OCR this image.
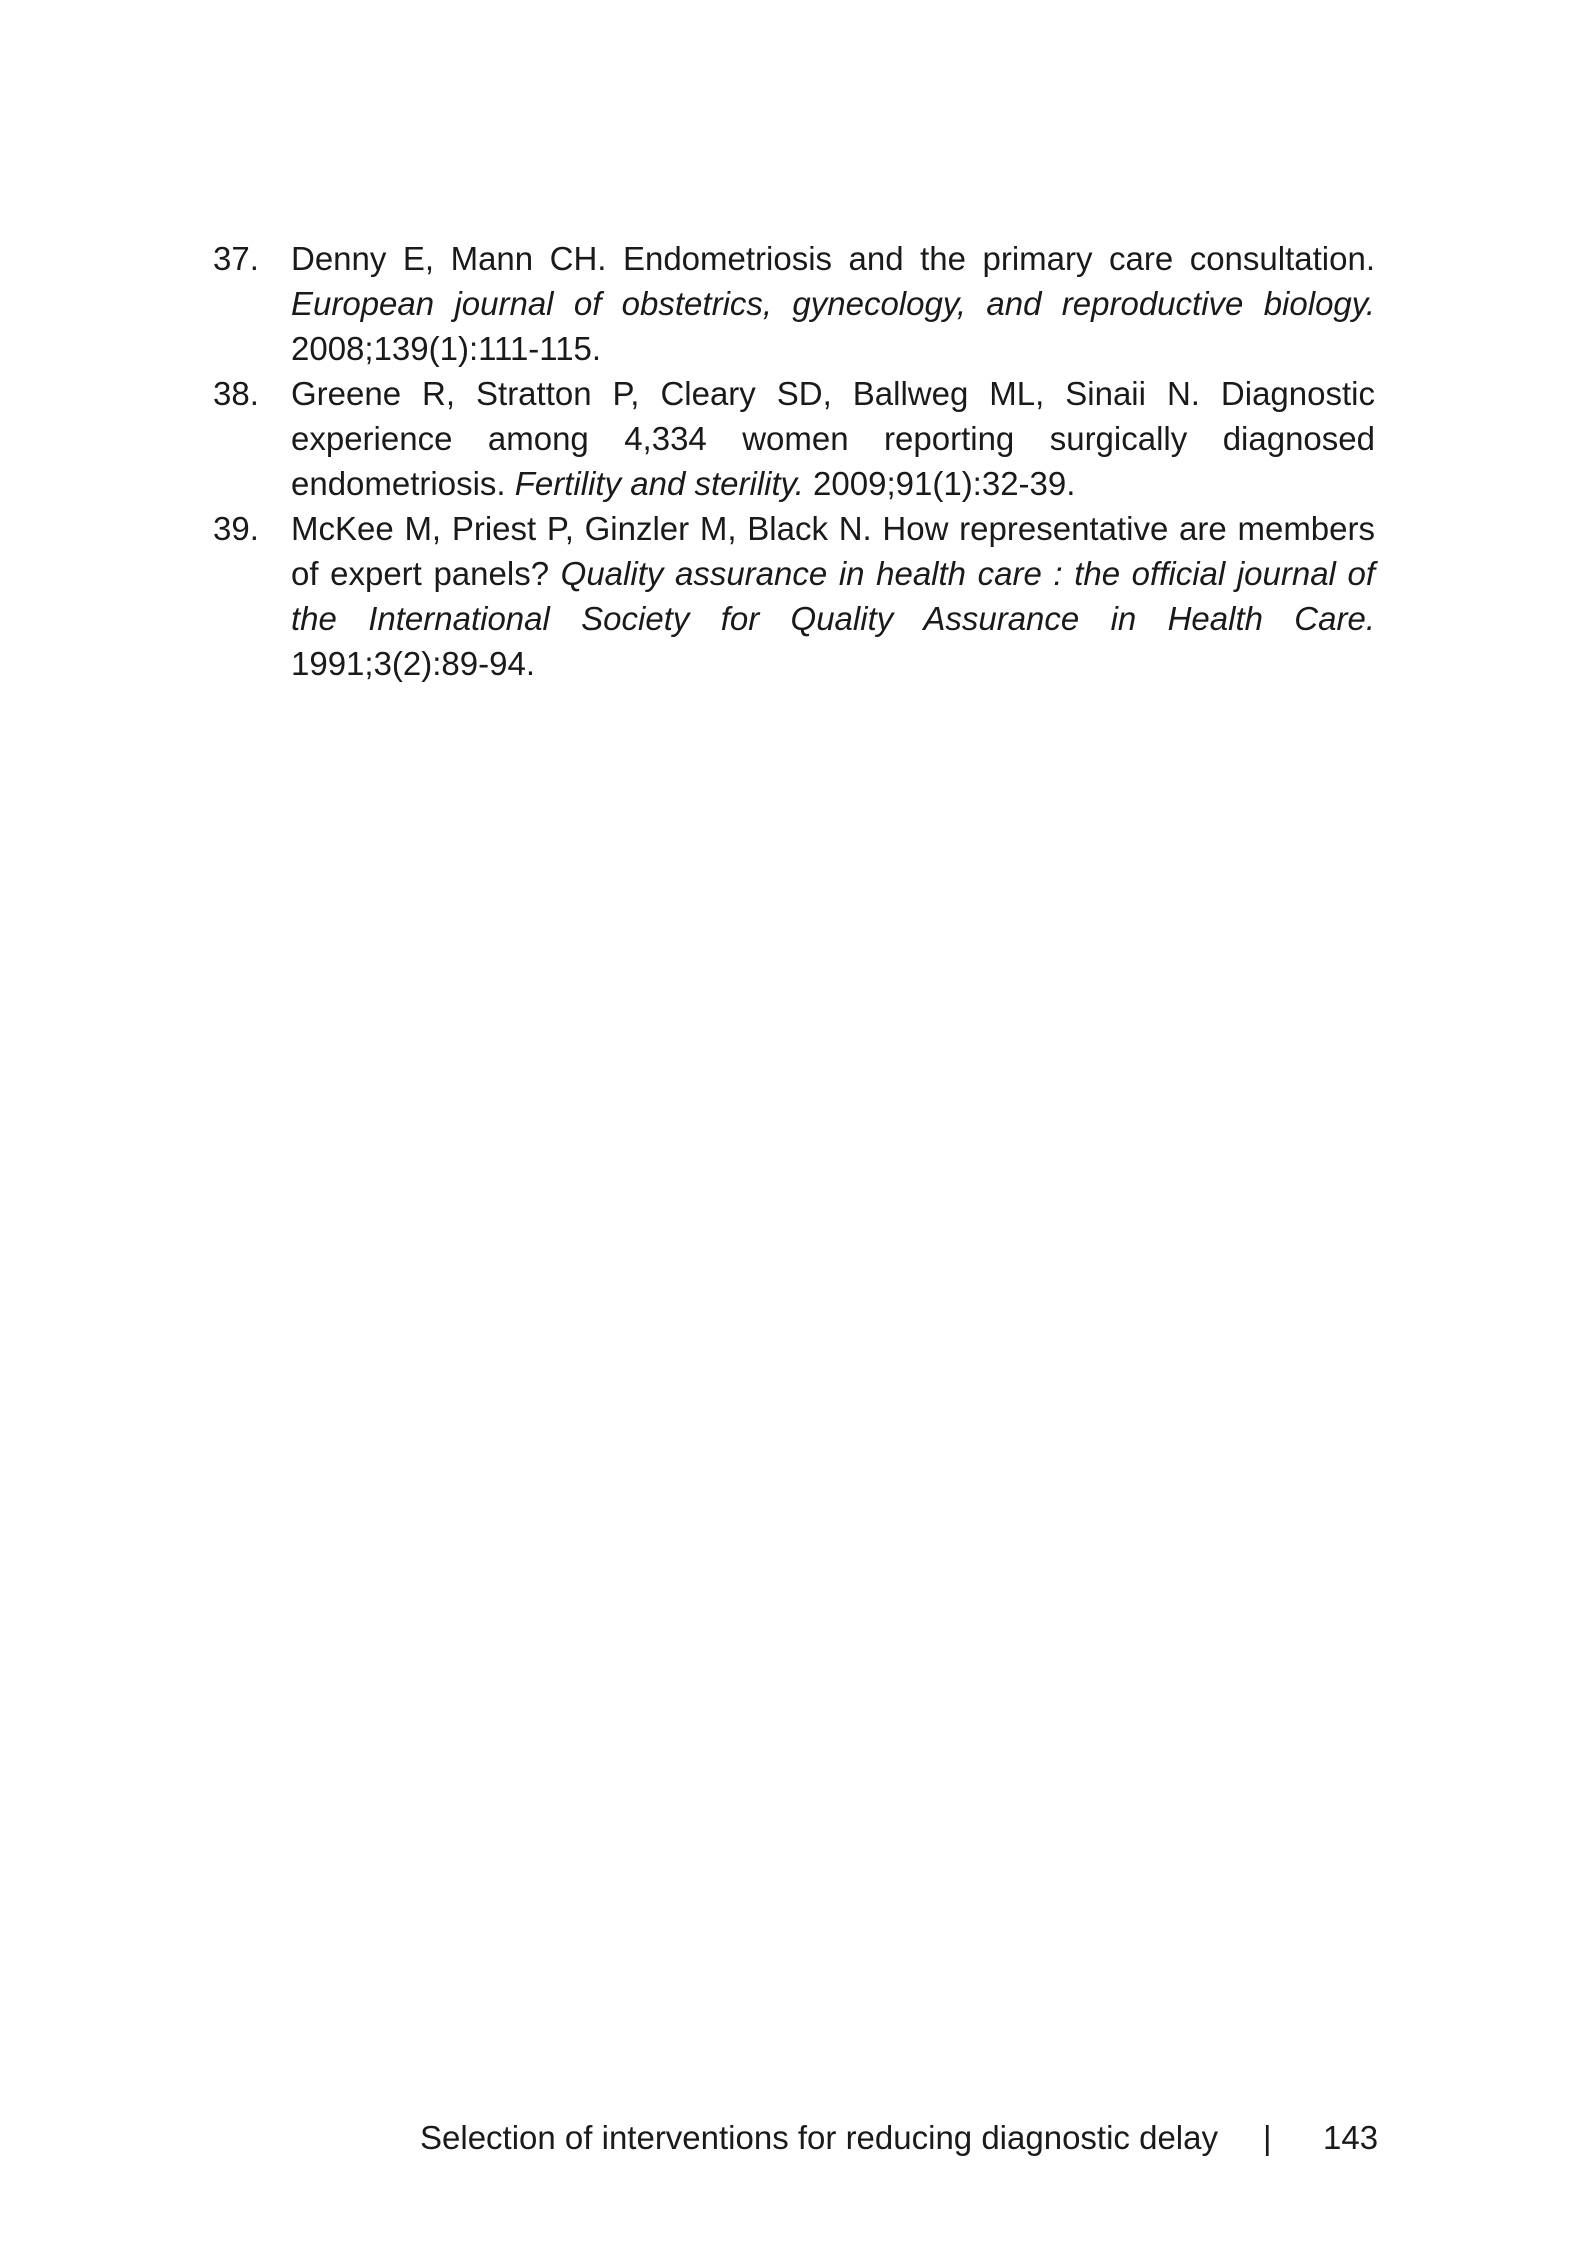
37. Denny E, Mann CH. Endometriosis and the primary care consultation. European journal of obstetrics, gynecology, and reproductive biology. 2008;139(1):111-115.
38. Greene R, Stratton P, Cleary SD, Ballweg ML, Sinaii N. Diagnostic experience among 4,334 women reporting surgically diagnosed endometriosis. Fertility and sterility. 2009;91(1):32-39.
39. McKee M, Priest P, Ginzler M, Black N. How representative are members of expert panels? Quality assurance in health care : the official journal of the International Society for Quality Assurance in Health Care. 1991;3(2):89-94.
Selection of interventions for reducing diagnostic delay | 143
